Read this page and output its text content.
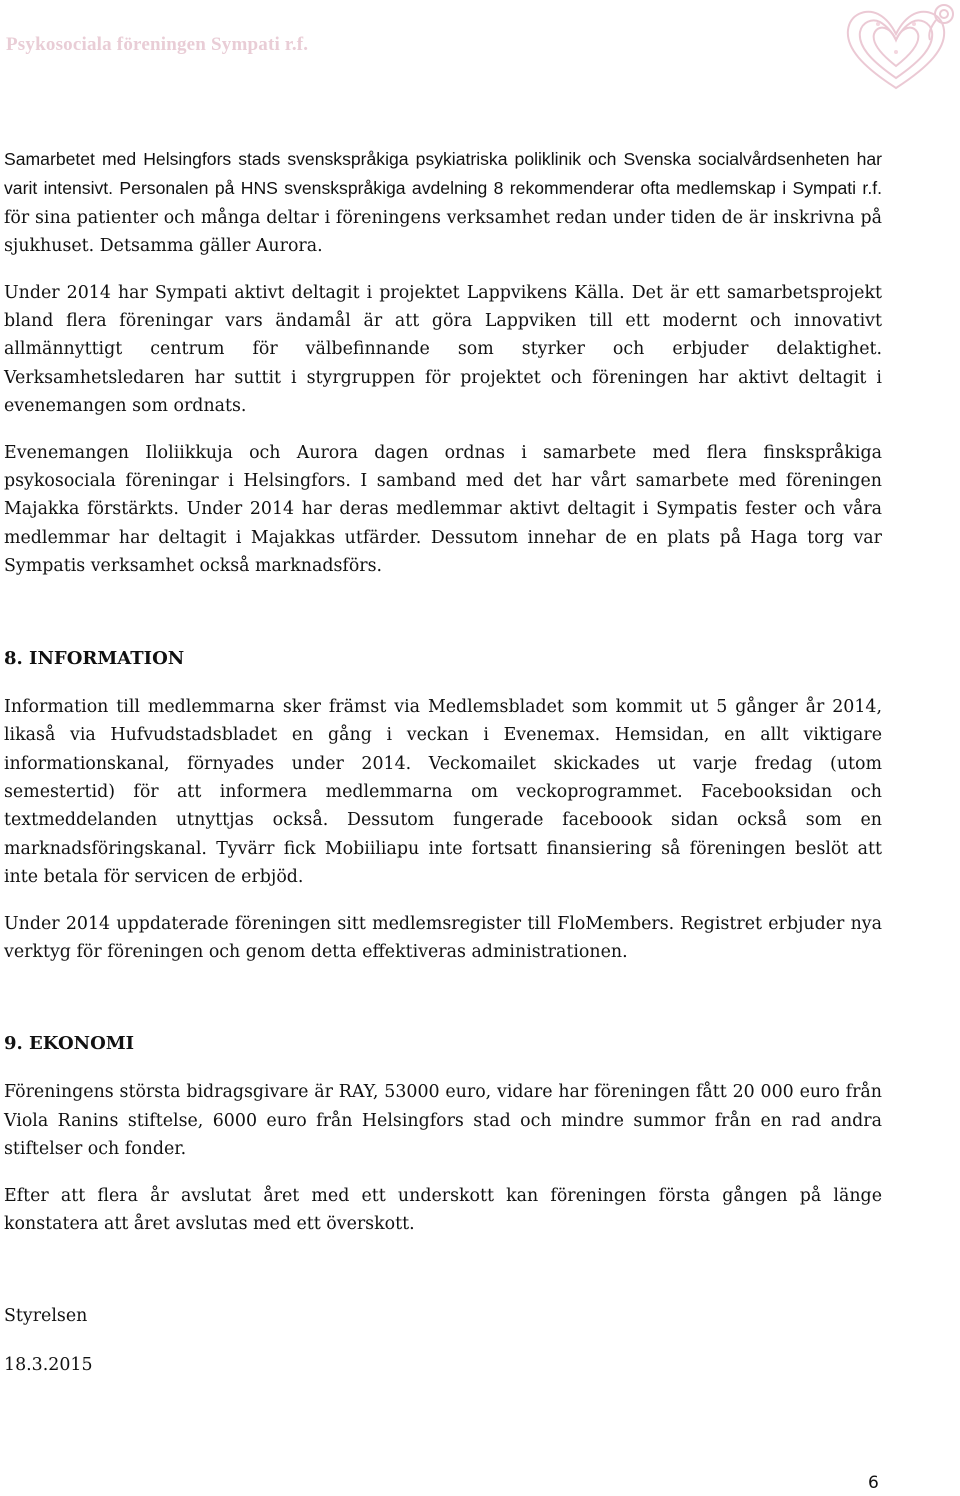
Psykosociala föreningen Sympati r.f.

Samarbetet med Helsingfors stads svenskspråkiga psykiatriska poliklinik och Svenska socialvårdsenheten har varit intensivt. Personalen på HNS svenskspråkiga avdelning 8 rekommenderar ofta medlemskap i Sympati r.f. för sina patienter och många deltar i föreningens verksamhet redan under tiden de är inskrivna på sjukhuset. Detsamma gäller Aurora.

Under 2014 har Sympati aktivt deltagit i projektet Lappvikens Källa. Det är ett samarbetsprojekt bland flera föreningar vars ändamål är att göra Lappviken till ett modernt och innovativt allmännyttigt centrum för välbefinnande som styrker och erbjuder delaktighet. Verksamhetsledaren har suttit i styrgruppen för projektet och föreningen har aktivt deltagit i evenemangen som ordnats.

Evenemangen Iloliikkuja och Aurora dagen ordnas i samarbete med flera finskspråkiga psykosociala föreningar i Helsingfors. I samband med det har vårt samarbete med föreningen Majakka förstärkts. Under 2014 har deras medlemmar aktivt deltagit i Sympatis fester och våra medlemmar har deltagit i Majakkas utfärder. Dessutom innehar de en plats på Haga torg var Sympatis verksamhet också marknadsförs.

8. INFORMATION

Information till medlemmarna sker främst via Medlemsbladet som kommit ut 5 gånger år 2014, likaså via Hufvudstadsbladet en gång i veckan i Evenemax. Hemsidan, en allt viktigare informationskanal, förnyades under 2014. Veckomailet skickades ut varje fredag (utom semestertid) för att informera medlemmarna om veckoprogrammet. Facebooksidan och textmeddelanden utnyttjas också. Dessutom fungerade faceboook sidan också som en marknadsföringskanal. Tyvärr fick Mobiiliapu inte fortsatt finansiering så föreningen beslöt att inte betala för servicen de erbjöd.

Under 2014 uppdaterade föreningen sitt medlemsregister till FloMembers. Registret erbjuder nya verktyg för föreningen och genom detta effektiveras administrationen.

9. EKONOMI

Föreningens största bidragsgivare är RAY, 53000 euro, vidare har föreningen fått 20 000 euro från Viola Ranins stiftelse, 6000 euro från Helsingfors stad och mindre summor från en rad andra stiftelser och fonder.

Efter att flera år avslutat året med ett underskott kan föreningen första gången på länge konstatera att året avslutas med ett överskott.

Styrelsen

18.3.2015

6
